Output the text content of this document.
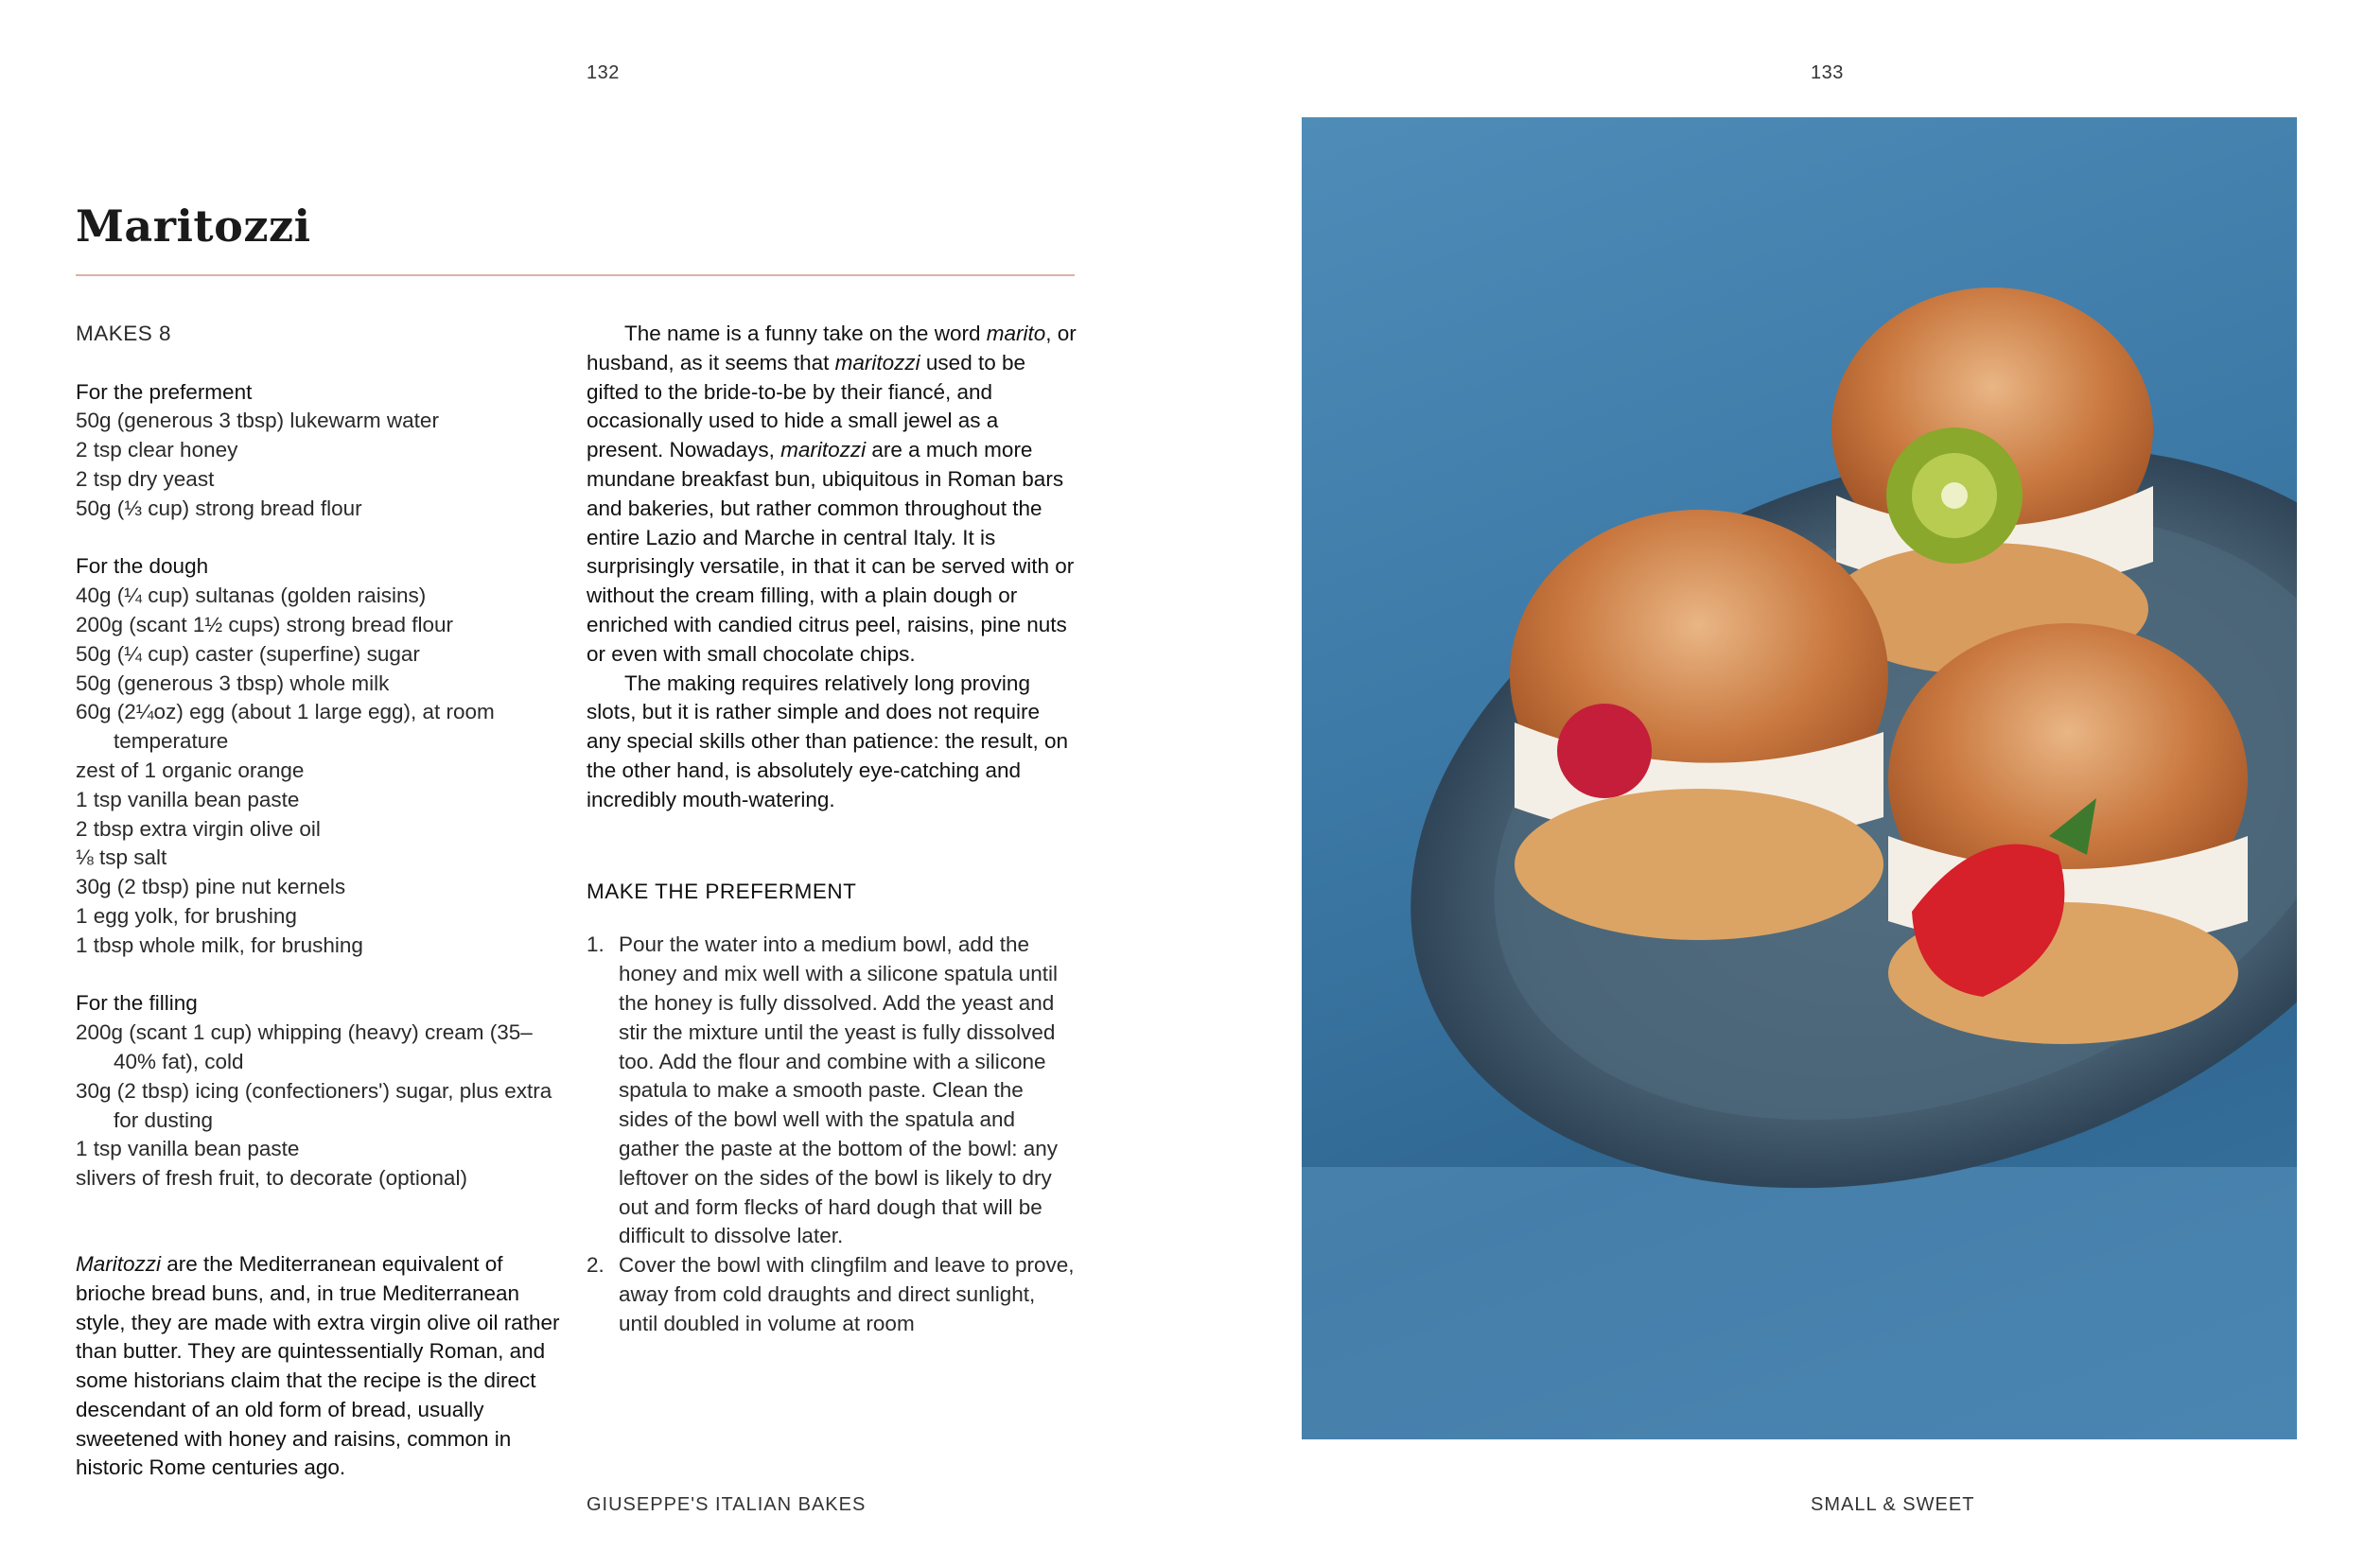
132	133
Maritozzi

MAKES 8

For the preferment

50g (generous 3 tbsp) lukewarm water
2 tsp clear honey
2 tsp dry yeast
50g (⅓ cup) strong bread flour

For the dough

40g (¼ cup) sultanas (golden raisins)
200g (scant 1½ cups) strong bread flour
50g (¼ cup) caster (superfine) sugar
50g (generous 3 tbsp) whole milk
60g (2¼oz) egg (about 1 large egg), at room temperature
zest of 1 organic orange
1 tsp vanilla bean paste
2 tbsp extra virgin olive oil
⅛ tsp salt
30g (2 tbsp) pine nut kernels
1 egg yolk, for brushing
1 tbsp whole milk, for brushing

For the filling

200g (scant 1 cup) whipping (heavy) cream (35–40% fat), cold
30g (2 tbsp) icing (confectioners') sugar, plus extra for dusting
1 tsp vanilla bean paste
slivers of fresh fruit, to decorate (optional)

Maritozzi are the Mediterranean equivalent of brioche bread buns, and, in true Mediterranean style, they are made with extra virgin olive oil rather than butter. They are quintessentially Roman, and some historians claim that the recipe is the direct descendant of an old form of bread, usually sweetened with honey and raisins, common in historic Rome centuries ago.

The name is a funny take on the word marito, or husband, as it seems that maritozzi used to be gifted to the bride-to-be by their fiancé, and occasionally used to hide a small jewel as a present. Nowadays, maritozzi are a much more mundane breakfast bun, ubiquitous in Roman bars and bakeries, but rather common throughout the entire Lazio and Marche in central Italy. It is surprisingly versatile, in that it can be served with or without the cream filling, with a plain dough or enriched with candied citrus peel, raisins, pine nuts or even with small chocolate chips.

The making requires relatively long proving slots, but it is rather simple and does not require any special skills other than patience: the result, on the other hand, is absolutely eye-catching and incredibly mouth-watering.

MAKE THE PREFERMENT

1. Pour the water into a medium bowl, add the honey and mix well with a silicone spatula until the honey is fully dissolved. Add the yeast and stir the mixture until the yeast is fully dissolved too. Add the flour and combine with a silicone spatula to make a smooth paste. Clean the sides of the bowl well with the spatula and gather the paste at the bottom of the bowl: any leftover on the sides of the bowl is likely to dry out and form flecks of hard dough that will be difficult to dissolve later.
2. Cover the bowl with clingfilm and leave to prove, away from cold draughts and direct sunlight, until doubled in volume at room
GIUSEPPE'S ITALIAN BAKES	SMALL & SWEET
